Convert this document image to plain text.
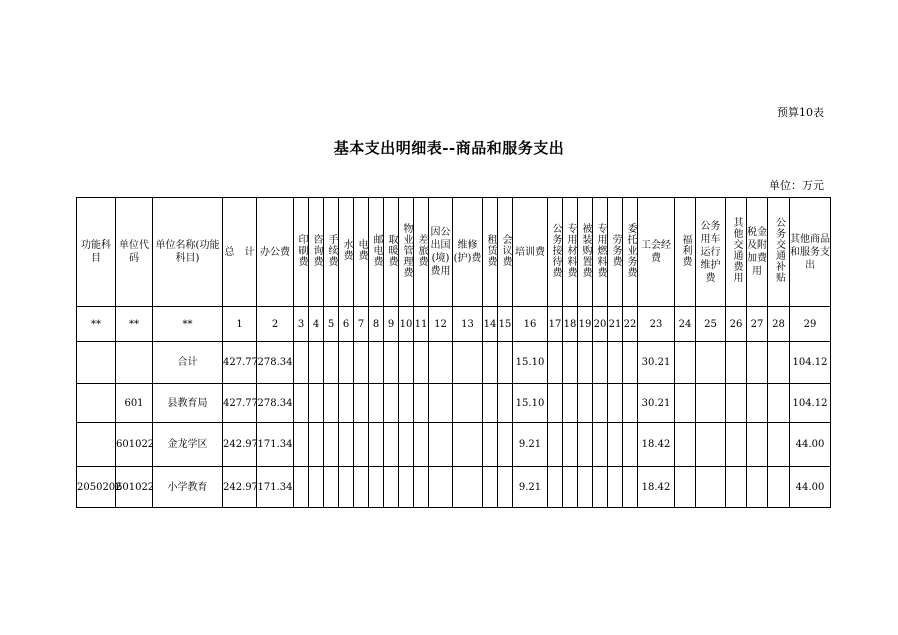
预算10表
基本支出明细表--商品和服务支出
单位：万元
功能科目	单位代码	单位名称(功能科目)	总　计	办公费	印刷费	咨询费	手续费	水费	电费	邮电费	取暖费	物业管理费	差旅费	因公出国(境)费用	维修(护)费	租赁费	会议费	培训费	公务接待费	专用材料费	被装购置费	专用燃料费	劳务费	委托业务费	工会经费	福利费	公务用车运行维护费	其他交通费用	税金及附加费用	公务交通补贴	其他商品和服务支出
**	**	**	1	2	3	4	5	6	7	8	9	10	11	12	13	14	15	16	17	18	19	20	21	22	23	24	25	26	27	28	29
		合计	427.77	278.34														15.10							30.21						104.12
	601	县教育局	427.77	278.34														15.10							30.21						104.12
	601022	金龙学区	242.97	171.34														9.21							18.42						44.00
2050202	601022	小学教育	242.97	171.34														9.21							18.42						44.00
